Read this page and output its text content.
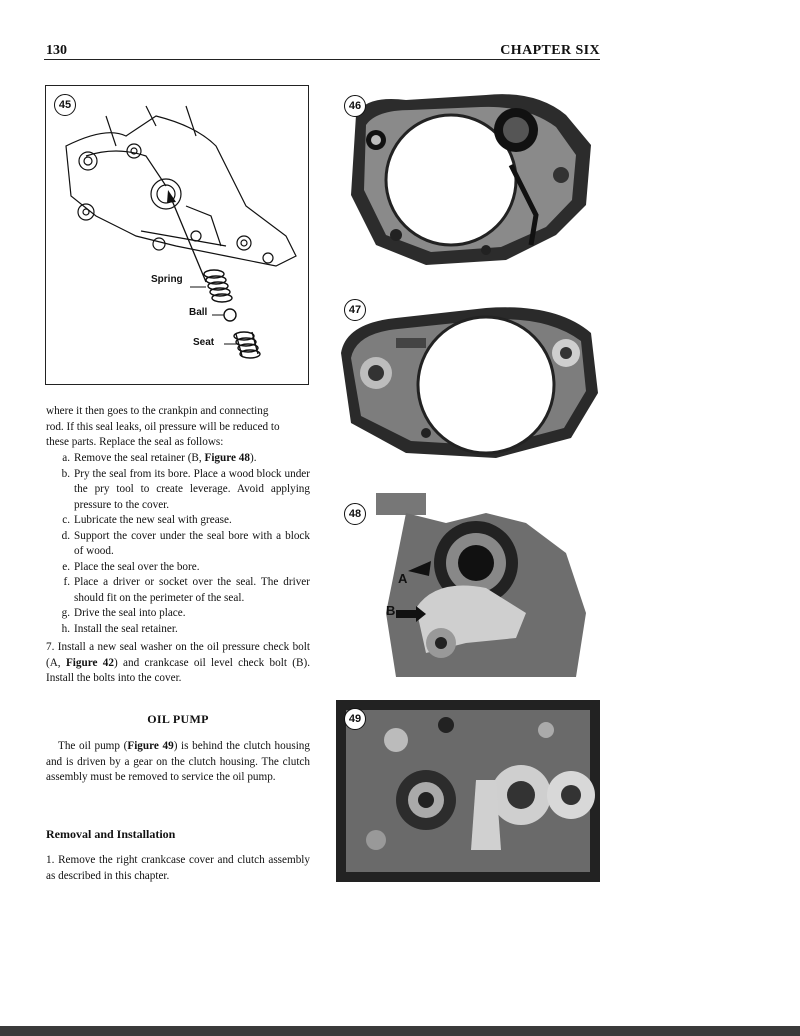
130	CHAPTER SIX
45
Spring
Ball
Seat
where it then goes to the crankpin and connecting
rod. If this seal leaks, oil pressure will be reduced to
these parts. Replace the seal as follows:
a. Remove the seal retainer (B, Figure 48).
b. Pry the seal from its bore. Place a wood block under the pry tool to create leverage. Avoid applying pressure to the cover.
c. Lubricate the new seal with grease.
d. Support the cover under the seal bore with a block of wood.
e. Place the seal over the bore.
f. Place a driver or socket over the seal. The driver should fit on the perimeter of the seal.
g. Drive the seal into place.
h. Install the seal retainer.

7. Install a new seal washer on the oil pressure check bolt (A, Figure 42) and crankcase oil level check bolt (B). Install the bolts into the cover.

OIL PUMP

The oil pump (Figure 49) is behind the clutch housing and is driven by a gear on the clutch housing. The clutch assembly must be removed to service the oil pump.

Removal and Installation

1. Remove the right crankcase cover and clutch assembly as described in this chapter.

46
47
48
A
B
49
